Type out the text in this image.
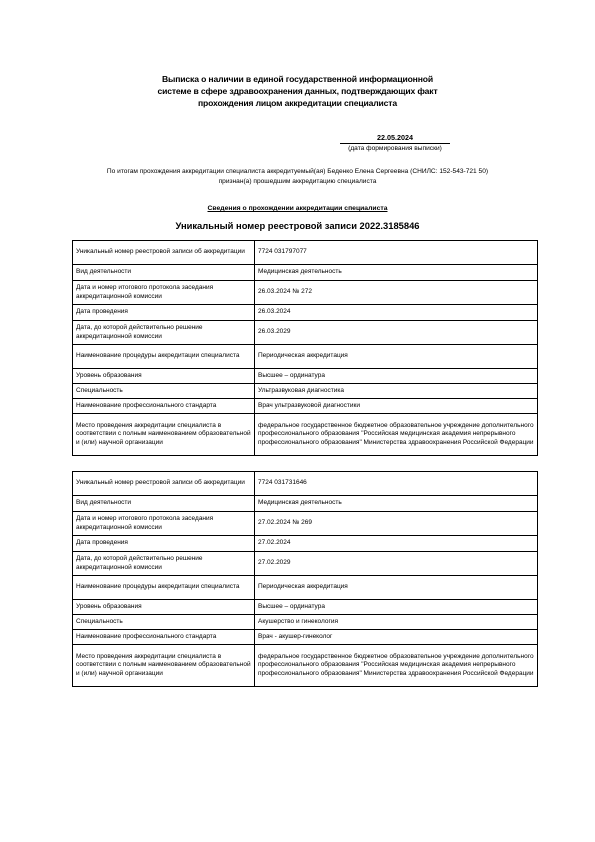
Выписка о наличии в единой государственной информационной
системе в сфере здравоохранения данных, подтверждающих факт
прохождения лицом аккредитации специалиста
22.05.2024
(дата формирования выписки)
По итогам прохождения аккредитации специалиста аккредитуемый(ая) Беденко Елена Сергеевна (СНИЛС: 152-543-721 50)
признан(а) прошедшим аккредитацию специалиста
Сведения о прохождении аккредитации специалиста
Уникальный номер реестровой записи 2022.3185846
Уникальный номер реестровой записи об аккредитации	7724 031797077
Вид деятельности	Медицинская деятельность
Дата и номер итогового протокола заседания аккредитационной комиссии	26.03.2024 № 272
Дата проведения	26.03.2024
Дата, до которой действительно решение аккредитационной комиссии	26.03.2029
Наименование процедуры аккредитации специалиста	Периодическая аккредитация
Уровень образования	Высшее – ординатура
Специальность	Ультразвуковая диагностика
Наименование профессионального стандарта	Врач ультразвуковой диагностики
Место проведения аккредитации специалиста в соответствии с полным наименованием образовательной и (или) научной организации	федеральное государственное бюджетное образовательное учреждение дополнительного профессионального образования "Российская медицинская академия непрерывного профессионального образования" Министерства здравоохранения Российской Федерации
Уникальный номер реестровой записи об аккредитации	7724 031731646
Вид деятельности	Медицинская деятельность
Дата и номер итогового протокола заседания аккредитационной комиссии	27.02.2024 № 269
Дата проведения	27.02.2024
Дата, до которой действительно решение аккредитационной комиссии	27.02.2029
Наименование процедуры аккредитации специалиста	Периодическая аккредитация
Уровень образования	Высшее – ординатура
Специальность	Акушерство и гинекология
Наименование профессионального стандарта	Врач - акушер-гинеколог
Место проведения аккредитации специалиста в соответствии с полным наименованием образовательной и (или) научной организации	федеральное государственное бюджетное образовательное учреждение дополнительного профессионального образования "Российская медицинская академия непрерывного профессионального образования" Министерства здравоохранения Российской Федерации
